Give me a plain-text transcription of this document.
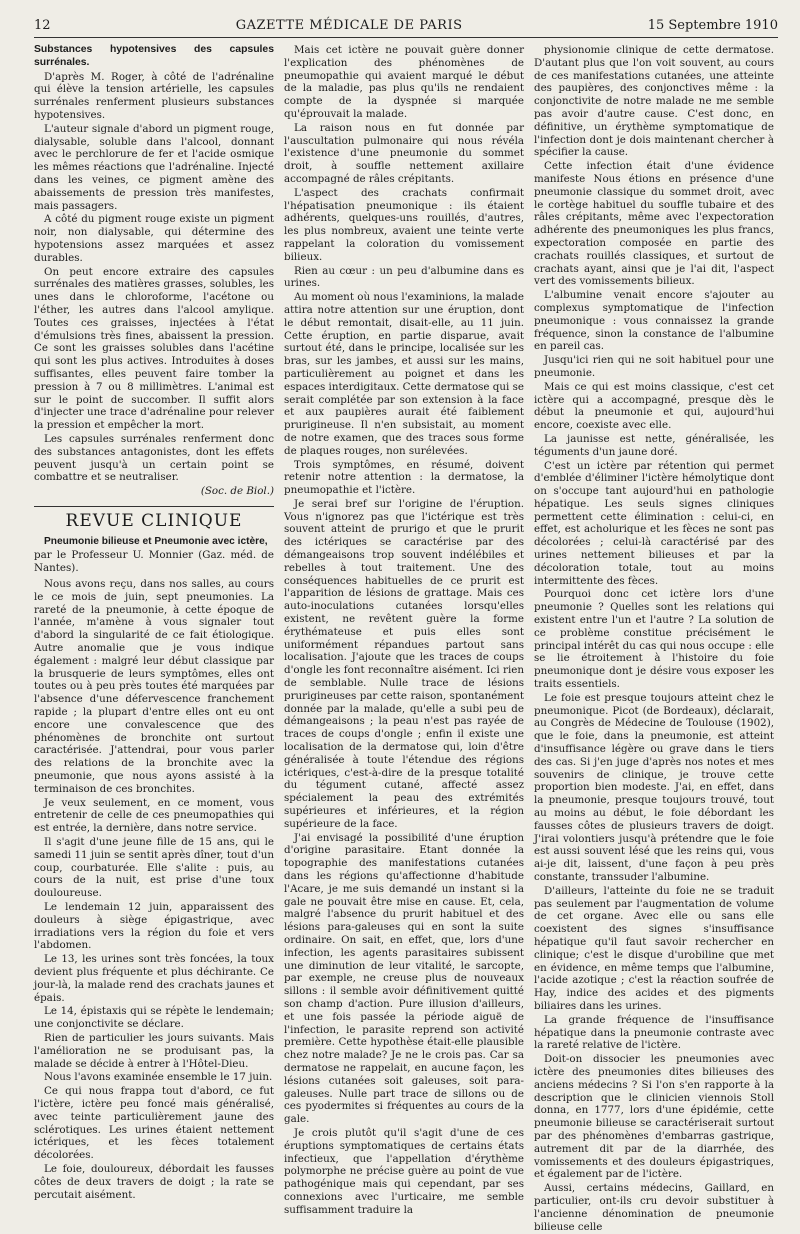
12	GAZETTE MÉDICALE DE PARIS	15 Septembre 1910

Substances hypotensives des capsules surrénales.

D'après M. Roger, à côté de l'adrénaline qui élève la tension artérielle, les capsules surrénales renferment plusieurs substances hypotensives.

L'auteur signale d'abord un pigment rouge, dialysable, soluble dans l'alcool, donnant avec le perchlorure de fer et l'acide osmique les mêmes réactions que l'adrénaline. Injecté dans les veines, ce pigment amène des abaissements de pression très manifestes, mais passagers.

A côté du pigment rouge existe un pigment noir, non dialysable, qui détermine des hypotensions assez marquées et assez durables.

On peut encore extraire des capsules surrénales des matières grasses, solubles, les unes dans le chloroforme, l'acétone ou l'éther, les autres dans l'alcool amylique. Toutes ces graisses, injectées à l'état d'émulsions très fines, abaissent la pression. Ce sont les graisses solubles dans l'acétine qui sont les plus actives. Introduites à doses suffisantes, elles peuvent faire tomber la pression à 7 ou 8 millimètres. L'animal est sur le point de succomber. Il suffit alors d'injecter une trace d'adrénaline pour relever la pression et empêcher la mort.

Les capsules surrénales renferment donc des substances antagonistes, dont les effets peuvent jusqu'à un certain point se combattre et se neutraliser.

(Soc. de Biol.)

REVUE CLINIQUE

Pneumonie bilieuse et Pneumonie avec ictère,

par le Professeur U. Monnier (Gaz. méd. de Nantes).

Nous avons reçu, dans nos salles, au cours le ce mois de juin, sept pneumonies. La rareté de la pneumonie, à cette époque de l'année, m'amène à vous signaler tout d'abord la singularité de ce fait étiologique. Autre anomalie que je vous indique également : malgré leur début classique par la brusquerie de leurs symptômes, elles ont toutes ou à peu près toutes été marquées par l'absence d'une défervescence franchement rapide ; la plupart d'entre elles ont eu ont encore une convalescence que des phénomènes de bronchite ont surtout caractérisée. J'attendrai, pour vous parler des relations de la bronchite avec la pneumonie, que nous ayons assisté à la terminaison de ces bronchites.

Je veux seulement, en ce moment, vous entretenir de celle de ces pneumopathies qui est entrée, la dernière, dans notre service.

Il s'agit d'une jeune fille de 15 ans, qui le samedi 11 juin se sentit après dîner, tout d'un coup, courbaturée. Elle s'alite : puis, au cours de la nuit, est prise d'une toux douloureuse.

Le lendemain 12 juin, apparaissent des douleurs à siège épigastrique, avec irradiations vers la région du foie et vers l'abdomen.

Le 13, les urines sont très foncées, la toux devient plus fréquente et plus déchirante. Ce jour-là, la malade rend des crachats jaunes et épais.

Le 14, épistaxis qui se répète le lendemain; une conjonctivite se déclare.

Rien de particulier les jours suivants. Mais l'amélioration ne se produisant pas, la malade se décide à entrer à l'Hôtel-Dieu.

Nous l'avons examinée ensemble le 17 juin.

Ce qui nous frappa tout d'abord, ce fut l'ictère, ictère peu foncé mais généralisé, avec teinte particulièrement jaune des sclérotiques. Les urines étaient nettement ictériques, et les fèces totalement décolorées.

Le foie, douloureux, débordait les fausses côtes de deux travers de doigt ; la rate se percutait aisément.

Mais cet ictère ne pouvait guère donner l'explication des phénomènes de pneumopathie qui avaient marqué le début de la maladie, pas plus qu'ils ne rendaient compte de la dyspnée si marquée qu'éprouvait la malade.

La raison nous en fut donnée par l'auscultation pulmonaire qui nous révéla l'existence d'une pneumonie du sommet droit, à souffle nettement axillaire accompagné de râles crépitants.

L'aspect des crachats confirmait l'hépatisation pneumonique : ils étaient adhérents, quelques-uns rouillés, d'autres, les plus nombreux, avaient une teinte verte rappelant la coloration du vomissement bilieux.

Rien au cœur : un peu d'albumine dans es urines.

Au moment où nous l'examinions, la malade attira notre attention sur une éruption, dont le début remontait, disait-elle, au 11 juin. Cette éruption, en partie disparue, avait surtout été, dans le principe, localisée sur les bras, sur les jambes, et aussi sur les mains, particulièrement au poignet et dans les espaces interdigitaux. Cette dermatose qui se serait complétée par son extension à la face et aux paupières aurait été faiblement prurigineuse. Il n'en subsistait, au moment de notre examen, que des traces sous forme de plaques rouges, non surélevées.

Trois symptômes, en résumé, doivent retenir notre attention : la dermatose, la pneumopathie et l'ictère.

Je serai bref sur l'origine de l'éruption. Vous n'ignorez pas que l'ictérique est très souvent atteint de prurigo et que le prurit des ictériques se caractérise par des démangeaisons trop souvent indélébiles et rebelles à tout traitement. Une des conséquences habituelles de ce prurit est l'apparition de lésions de grattage. Mais ces auto-inoculations cutanées lorsqu'elles existent, ne revêtent guère la forme érythémateuse et puis elles sont uniformément répandues partout sans localisation. J'ajoute que les traces de coups d'ongle les font reconnaître aisément. Ici rien de semblable. Nulle trace de lésions prurigineuses par cette raison, spontanément donnée par la malade, qu'elle a subi peu de démangeaisons ; la peau n'est pas rayée de traces de coups d'ongle ; enfin il existe une localisation de la dermatose qui, loin d'être généralisée à toute l'étendue des régions ictériques, c'est-à-dire de la presque totalité du tégument cutané, affecté assez spécialement la peau des extrémités supérieures et inférieures, et la région supérieure de la face.

J'ai envisagé la possibilité d'une éruption d'origine parasitaire. Etant donnée la topographie des manifestations cutanées dans les régions qu'affectionne d'habitude l'Acare, je me suis demandé un instant si la gale ne pouvait être mise en cause. Et, cela, malgré l'absence du prurit habituel et des lésions para-galeuses qui en sont la suite ordinaire. On sait, en effet, que, lors d'une infection, les agents parasitaires subissent une diminution de leur vitalité, le sarcopte, par exemple, ne creuse plus de nouveaux sillons : il semble avoir définitivement quitté son champ d'action. Pure illusion d'ailleurs, et une fois passée la période aiguë de l'infection, le parasite reprend son activité première. Cette hypothèse était-elle plausible chez notre malade? Je ne le crois pas. Car sa dermatose ne rappelait, en aucune façon, les lésions cutanées soit galeuses, soit para-galeuses. Nulle part trace de sillons ou de ces pyodermites si fréquentes au cours de la gale.

Je crois plutôt qu'il s'agit d'une de ces éruptions symptomatiques de certains états infectieux, que l'appellation d'érythème polymorphe ne précise guère au point de vue pathogénique mais qui cependant, par ses connexions avec l'urticaire, me semble suffisamment traduire la

physionomie clinique de cette dermatose. D'autant plus que l'on voit souvent, au cours de ces manifestations cutanées, une atteinte des paupières, des conjonctives même : la conjonctivite de notre malade ne me semble pas avoir d'autre cause. C'est donc, en définitive, un érythème symptomatique de l'infection dont je dois maintenant chercher à spécifier la cause.

Cette infection était d'une évidence manifeste Nous étions en présence d'une pneumonie classique du sommet droit, avec le cortège habituel du souffle tubaire et des râles crépitants, même avec l'expectoration adhérente des pneumoniques les plus francs, expectoration composée en partie des crachats rouillés classiques, et surtout de crachats ayant, ainsi que je l'ai dit, l'aspect vert des vomissements bilieux.

L'albumine venait encore s'ajouter au complexus symptomatique de l'infection pneumonique : vous connaissez la grande fréquence, sinon la constance de l'albumine en pareil cas.

Jusqu'ici rien qui ne soit habituel pour une pneumonie.

Mais ce qui est moins classique, c'est cet ictère qui a accompagné, presque dès le début la pneumonie et qui, aujourd'hui encore, coexiste avec elle.

La jaunisse est nette, généralisée, les téguments d'un jaune doré.

C'est un ictère par rétention qui permet d'emblée d'éliminer l'ictère hémolytique dont on s'occupe tant aujourd'hui en pathologie hépatique. Les seuls signes cliniques permettent cette élimination : celui-ci, en effet, est acholurique et les fèces ne sont pas décolorées ; celui-là caractérisé par des urines nettement bilieuses et par la décoloration totale, tout au moins intermittente des fèces.

Pourquoi donc cet ictère lors d'une pneumonie ? Quelles sont les relations qui existent entre l'un et l'autre ? La solution de ce problème constitue précisément le principal intérêt du cas qui nous occupe : elle se lie étroitement à l'histoire du foie pneumonique dont je désire vous exposer les traits essentiels.

Le foie est presque toujours atteint chez le pneumonique. Picot (de Bordeaux), déclarait, au Congrès de Médecine de Toulouse (1902), que le foie, dans la pneumonie, est atteint d'insuffisance légère ou grave dans le tiers des cas. Si j'en juge d'après nos notes et mes souvenirs de clinique, je trouve cette proportion bien modeste. J'ai, en effet, dans la pneumonie, presque toujours trouvé, tout au moins au début, le foie débordant les fausses côtes de plusieurs travers de doigt. J'irai volontiers jusqu'à prétendre que le foie est aussi souvent lésé que les reins qui, vous ai-je dit, laissent, d'une façon à peu près constante, transsuder l'albumine.

D'ailleurs, l'atteinte du foie ne se traduit pas seulement par l'augmentation de volume de cet organe. Avec elle ou sans elle coexistent des signes s'insuffisance hépatique qu'il faut savoir rechercher en clinique; c'est le disque d'urobiline que met en évidence, en même temps que l'albumine, l'acide azotique ; c'est la réaction soufrée de Hay, indice des acides et des pigments biliaires dans les urines.

La grande fréquence de l'insuffisance hépatique dans la pneumonie contraste avec la rareté relative de l'ictère.

Doit-on dissocier les pneumonies avec ictère des pneumonies dites bilieuses des anciens médecins ? Si l'on s'en rapporte à la description que le clinicien viennois Stoll donna, en 1777, lors d'une épidémie, cette pneumonie bilieuse se caractériserait surtout par des phénomènes d'embarras gastrique, autrement dit par de la diarrhée, des vomissements et des douleurs épigastriques, et également par de l'ictère.

Aussi, certains médecins, Gaillard, en particulier, ont-ils cru devoir substituer à l'ancienne dénomination de pneumonie bilieuse celle
